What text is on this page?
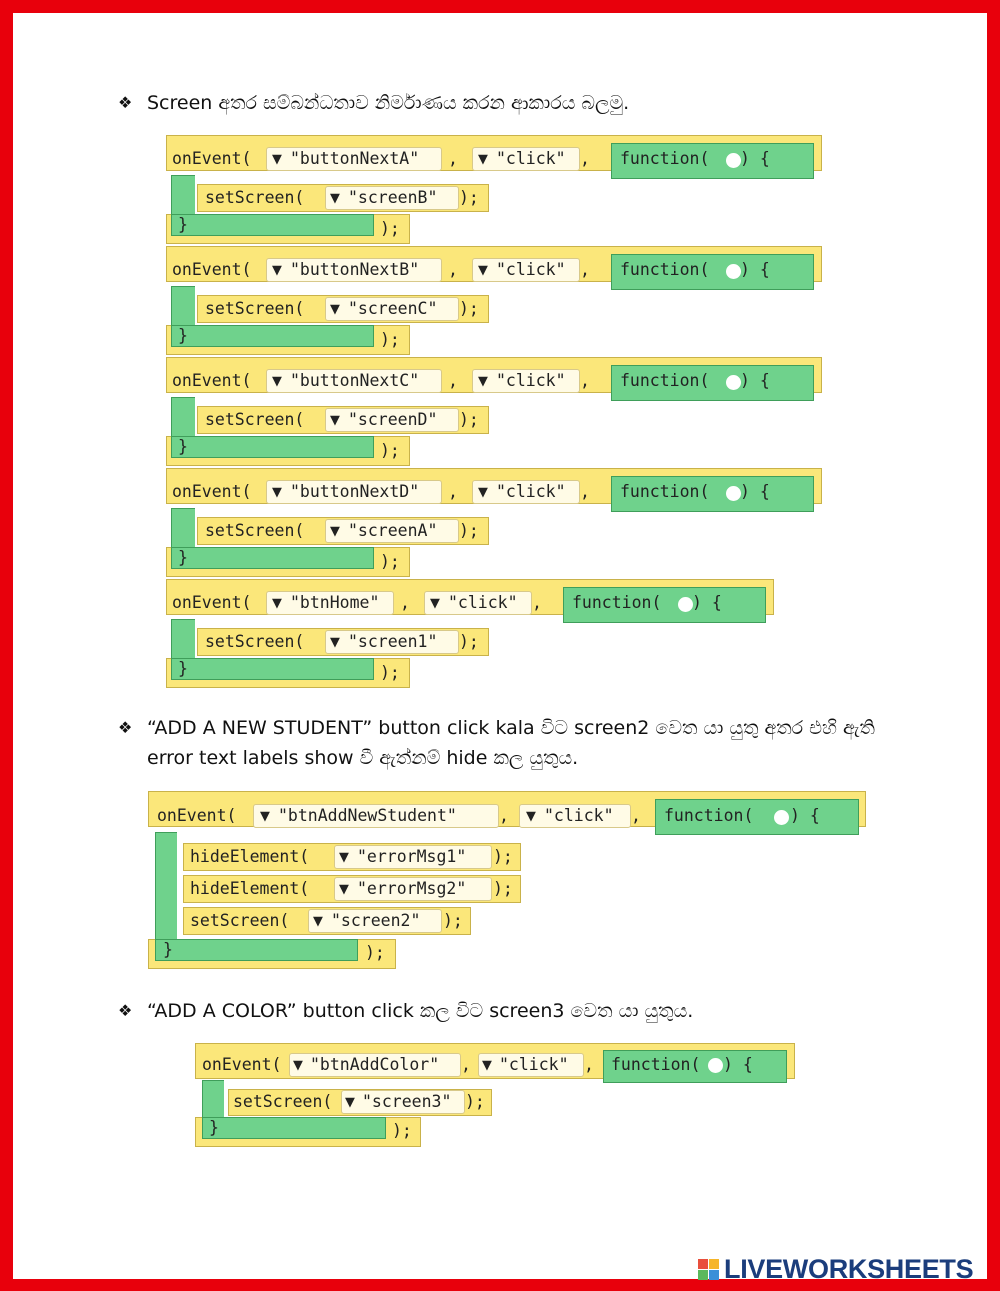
❖ Screen අතර සම්බන්ධතාව නිර්මාණය කරන ආකාරය බලමු.
onEvent( ▼ "buttonNextA" , ▼ "click" , function( ) {
setScreen( ▼ "screenB" );
}	);
onEvent( ▼ "buttonNextB" , ▼ "click" , function( ) {
setScreen( ▼ "screenC" );
}	);
onEvent( ▼ "buttonNextC" , ▼ "click" , function( ) {
setScreen( ▼ "screenD" );
}	);
onEvent( ▼ "buttonNextD" , ▼ "click" , function( ) {
setScreen( ▼ "screenA" );
}	);
onEvent( ▼ "btnHome" , ▼ "click" , function( ) {
setScreen( ▼ "screen1" );
}	);
❖ “ADD A NEW STUDENT” button click kala විට screen2 වෙත යා යුතු අතර එහි ඇති
error text labels show වී ඇත්නම් hide කල යුතුය.
onEvent( ▼ "btnAddNewStudent"	, ▼ "click" , function( ) {
hideElement( ▼ "errorMsg1" );
hideElement( ▼ "errorMsg2" );
setScreen( ▼ "screen2" );
}	);
❖ “ADD A COLOR” button click කල විට screen3 වෙත යා යුතුය.
onEvent( ▼ "btnAddColor" , ▼ "click" , function( ) {
setScreen( ▼ "screen3" );
}	);
LIVEWORKSHEETS
